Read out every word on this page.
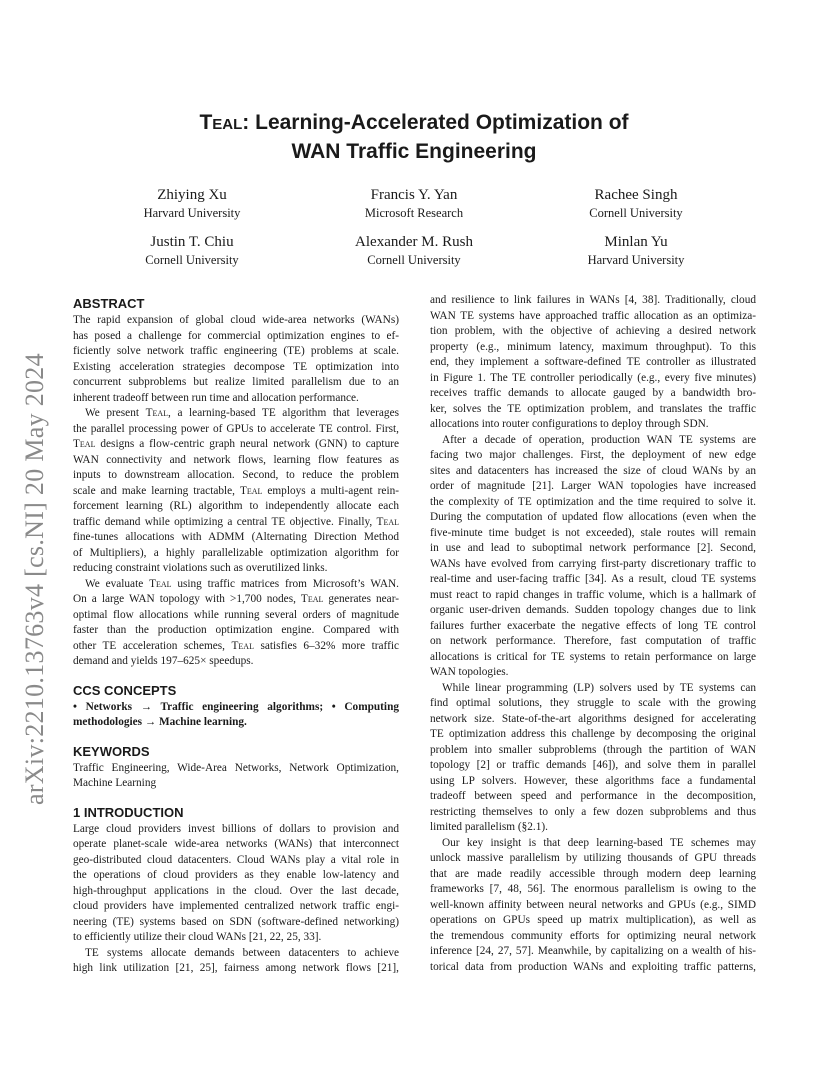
Teal: Learning-Accelerated Optimization of
WAN Traffic Engineering
Zhiying Xu
Harvard University
Francis Y. Yan
Microsoft Research
Rachee Singh
Cornell University
Justin T. Chiu
Cornell University
Alexander M. Rush
Cornell University
Minlan Yu
Harvard University
arXiv:2210.13763v4 [cs.NI] 20 May 2024
ABSTRACT
The rapid expansion of global cloud wide-area networks (WANs)
has posed a challenge for commercial optimization engines to ef-
ficiently solve network traffic engineering (TE) problems at scale.
Existing acceleration strategies decompose TE optimization into
concurrent subproblems but realize limited parallelism due to an
inherent tradeoff between run time and allocation performance.
We present Teal, a learning-based TE algorithm that leverages
the parallel processing power of GPUs to accelerate TE control. First,
Teal designs a flow-centric graph neural network (GNN) to capture
WAN connectivity and network flows, learning flow features as
inputs to downstream allocation. Second, to reduce the problem
scale and make learning tractable, Teal employs a multi-agent rein-
forcement learning (RL) algorithm to independently allocate each
traffic demand while optimizing a central TE objective. Finally, Teal
fine-tunes allocations with ADMM (Alternating Direction Method
of Multipliers), a highly parallelizable optimization algorithm for
reducing constraint violations such as overutilized links.
We evaluate Teal using traffic matrices from Microsoft’s WAN.
On a large WAN topology with >1,700 nodes, Teal generates near-
optimal flow allocations while running several orders of magnitude
faster than the production optimization engine. Compared with
other TE acceleration schemes, Teal satisfies 6–32% more traffic
demand and yields 197–625× speedups.
CCS CONCEPTS
• Networks → Traffic engineering algorithms; • Computing
methodologies → Machine learning.
KEYWORDS
Traffic Engineering, Wide-Area Networks, Network Optimization,
Machine Learning
1 INTRODUCTION
Large cloud providers invest billions of dollars to provision and
operate planet-scale wide-area networks (WANs) that interconnect
geo-distributed cloud datacenters. Cloud WANs play a vital role in
the operations of cloud providers as they enable low-latency and
high-throughput applications in the cloud. Over the last decade,
cloud providers have implemented centralized network traffic engi-
neering (TE) systems based on SDN (software-defined networking)
to efficiently utilize their cloud WANs [21, 22, 25, 33].
TE systems allocate demands between datacenters to achieve
high link utilization [21, 25], fairness among network flows [21],
and resilience to link failures in WANs [4, 38]. Traditionally, cloud
WAN TE systems have approached traffic allocation as an optimiza-
tion problem, with the objective of achieving a desired network
property (e.g., minimum latency, maximum throughput). To this
end, they implement a software-defined TE controller as illustrated
in Figure 1. The TE controller periodically (e.g., every five minutes)
receives traffic demands to allocate gauged by a bandwidth bro-
ker, solves the TE optimization problem, and translates the traffic
allocations into router configurations to deploy through SDN.
After a decade of operation, production WAN TE systems are
facing two major challenges. First, the deployment of new edge
sites and datacenters has increased the size of cloud WANs by an
order of magnitude [21]. Larger WAN topologies have increased
the complexity of TE optimization and the time required to solve it.
During the computation of updated flow allocations (even when the
five-minute time budget is not exceeded), stale routes will remain
in use and lead to suboptimal network performance [2]. Second,
WANs have evolved from carrying first-party discretionary traffic to
real-time and user-facing traffic [34]. As a result, cloud TE systems
must react to rapid changes in traffic volume, which is a hallmark of
organic user-driven demands. Sudden topology changes due to link
failures further exacerbate the negative effects of long TE control
on network performance. Therefore, fast computation of traffic
allocations is critical for TE systems to retain performance on large
WAN topologies.
While linear programming (LP) solvers used by TE systems can
find optimal solutions, they struggle to scale with the growing
network size. State-of-the-art algorithms designed for accelerating
TE optimization address this challenge by decomposing the original
problem into smaller subproblems (through the partition of WAN
topology [2] or traffic demands [46]), and solve them in parallel
using LP solvers. However, these algorithms face a fundamental
tradeoff between speed and performance in the decomposition,
restricting themselves to only a few dozen subproblems and thus
limited parallelism (§2.1).
Our key insight is that deep learning-based TE schemes may
unlock massive parallelism by utilizing thousands of GPU threads
that are made readily accessible through modern deep learning
frameworks [7, 48, 56]. The enormous parallelism is owing to the
well-known affinity between neural networks and GPUs (e.g., SIMD
operations on GPUs speed up matrix multiplication), as well as
the tremendous community efforts for optimizing neural network
inference [24, 27, 57]. Meanwhile, by capitalizing on a wealth of his-
torical data from production WANs and exploiting traffic patterns,
